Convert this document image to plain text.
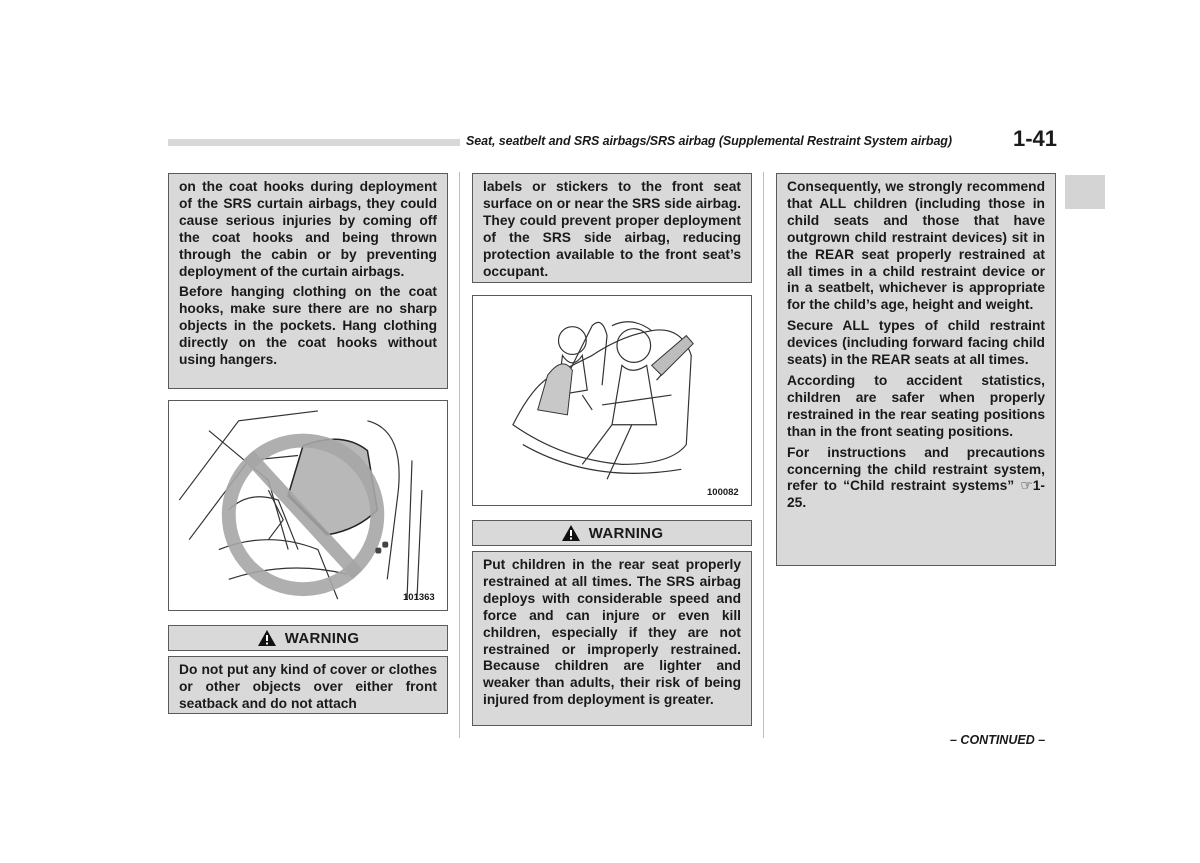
Seat, seatbelt and SRS airbags/SRS airbag (Supplemental Restraint System airbag)	1-41

on the coat hooks during deployment of the SRS curtain airbags, they could cause serious injuries by coming off the coat hooks and being thrown through the cabin or by preventing deployment of the curtain airbags.

Before hanging clothing on the coat hooks, make sure there are no sharp objects in the pockets. Hang clothing directly on the coat hooks without using hangers.

101363
WARNING

Do not put any kind of cover or clothes or other objects over either front seatback and do not attach

labels or stickers to the front seat surface on or near the SRS side airbag. They could prevent proper deployment of the SRS side airbag, reducing protection available to the front seat’s occupant.

100082
WARNING

Put children in the rear seat properly restrained at all times. The SRS airbag deploys with considerable speed and force and can injure or even kill children, especially if they are not restrained or improperly restrained. Because children are lighter and weaker than adults, their risk of being injured from deployment is greater.

Consequently, we strongly recommend that ALL children (including those in child seats and those that have outgrown child restraint devices) sit in the REAR seat properly restrained at all times in a child restraint device or in a seatbelt, whichever is appropriate for the child’s age, height and weight.

Secure ALL types of child restraint devices (including forward facing child seats) in the REAR seats at all times.

According to accident statistics, children are safer when properly restrained in the rear seating positions than in the front seating positions.

For instructions and precautions concerning the child restraint system, refer to “Child restraint systems” ☞1-25.

– CONTINUED –
